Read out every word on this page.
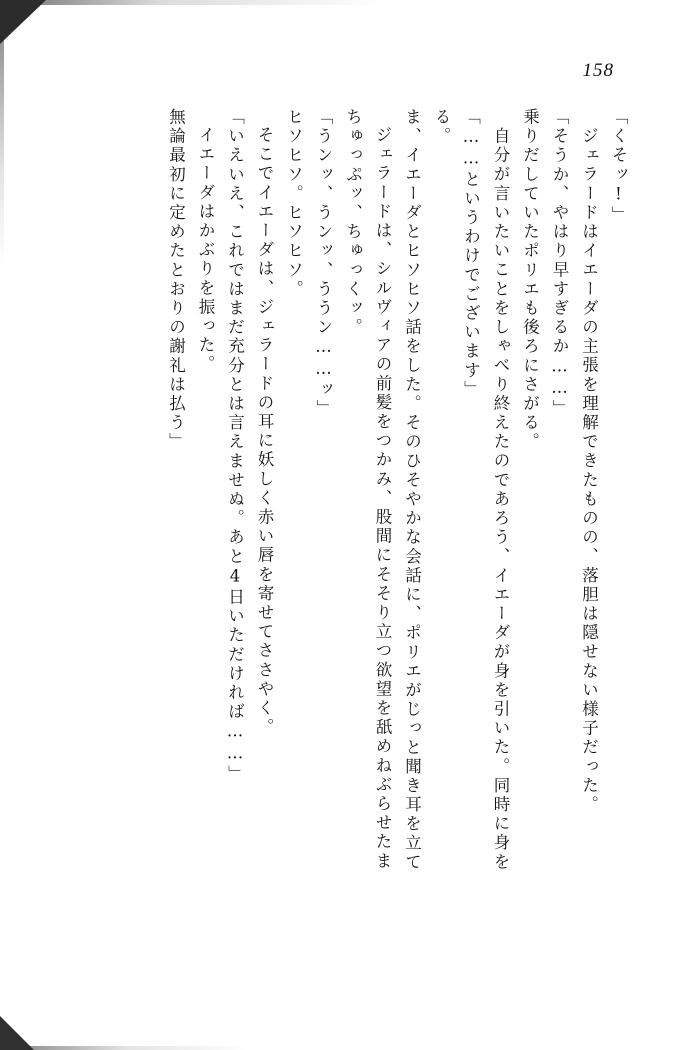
158
無論最初に定めたとおりの謝礼は払う」 イエーダはかぶりを振った。 「いえいえ、これではまだ充分とは言えませぬ。あと4日いただければ……」 そこでイエーダは、ジェラードの耳に妖しく赤い唇を寄せてささやく。 ヒソヒソ。ヒソヒソ。 「うンッ、うンッ、ううン……ッ」 ちゅっぷッ、ちゅっくッ。 ジェラードは、シルヴィアの前髪をつかみ、股間にそそり立つ欲望を舐めねぶらせたま ま、イエーダとヒソヒソ話をした。そのひそやかな会話に、ポリエがじっと聞き耳を立て る。 「……というわけでございます」 自分が言いたいことをしゃべり終えたのであろう、イエーダが身を引いた。同時に身を 乗りだしていたポリエも後ろにさがる。 「そうか、やはり早すぎるか……」 ジェラードはイエーダの主張を理解できたものの、落胆は隠せない様子だった。 「くそッ!」
